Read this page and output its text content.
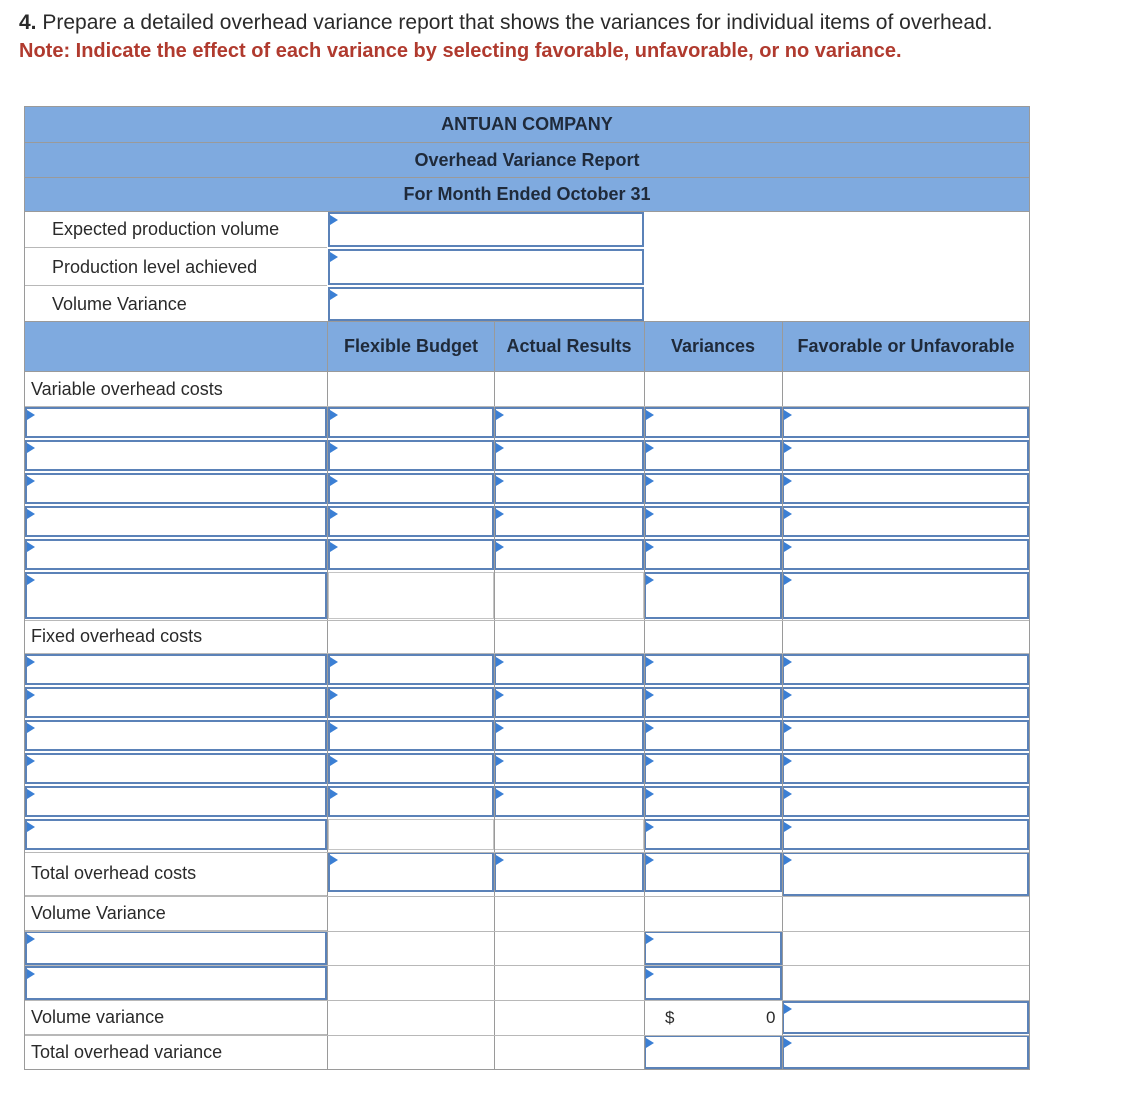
4. Prepare a detailed overhead variance report that shows the variances for individual items of overhead.
Note: Indicate the effect of each variance by selecting favorable, unfavorable, or no variance.
ANTUAN COMPANY
Overhead Variance Report
For Month Ended October 31
Expected production volume
Production level achieved
Volume Variance
Flexible Budget Actual Results Variances Favorable or Unfavorable
Variable overhead costs
Fixed overhead costs
Total overhead costs
Volume Variance
Volume variance
Total overhead variance
$	0
